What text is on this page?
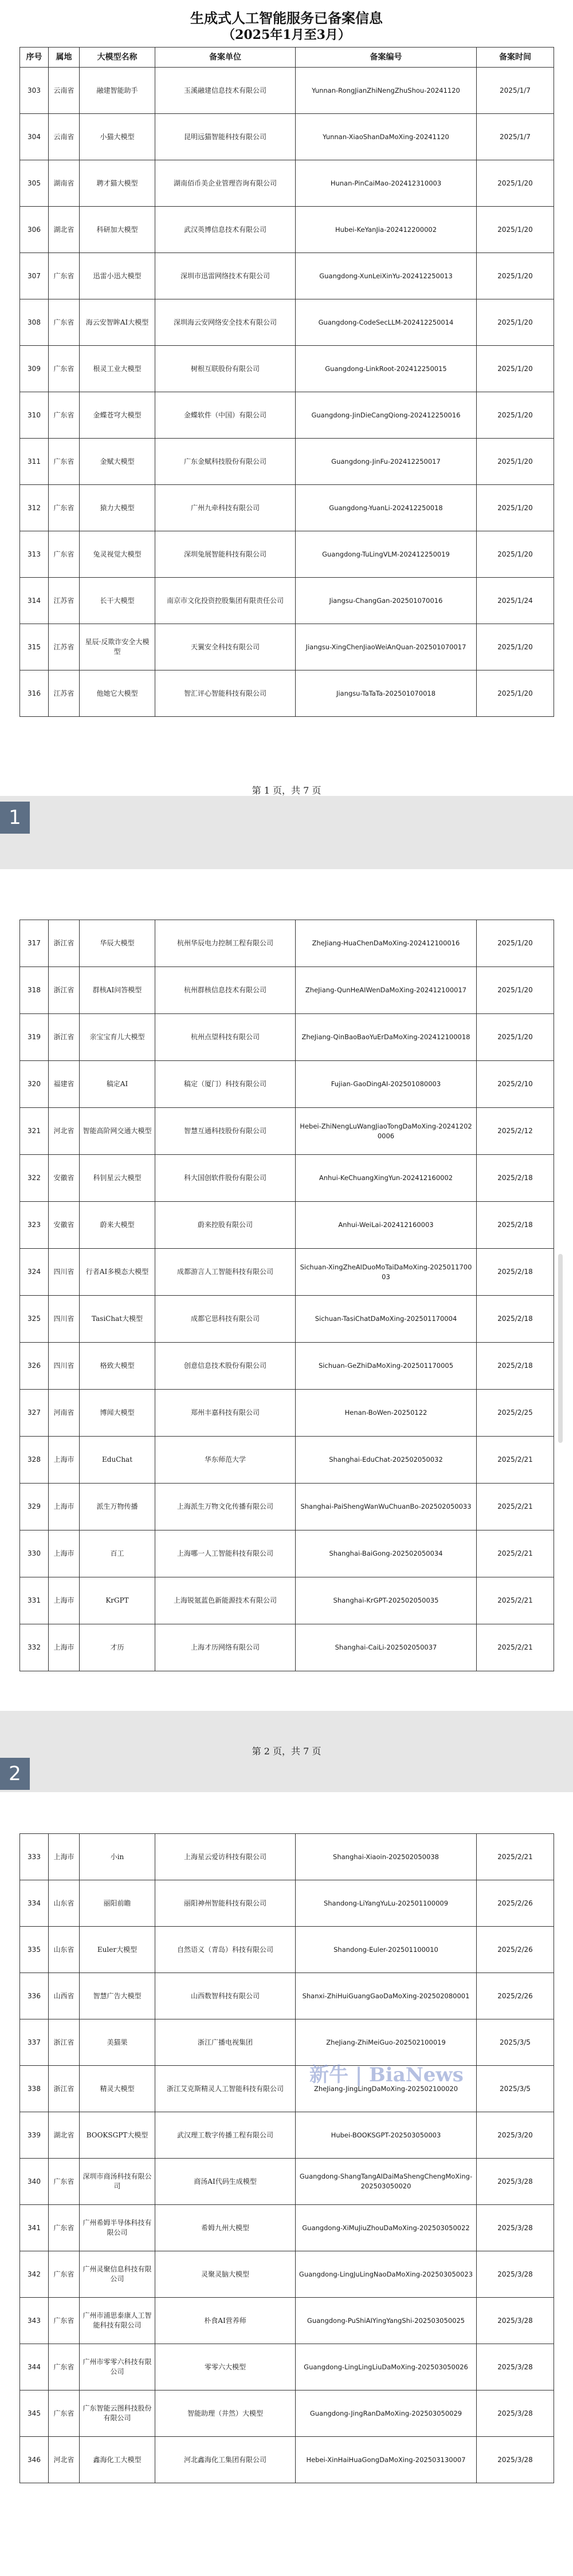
生成式人工智能服务已备案信息
（2025年1月至3月）
序号	属地	大模型名称	备案单位	备案编号	备案时间
303	云南省	融建智能助手	玉溪融建信息技术有限公司	Yunnan-RongJianZhiNengZhuShou-20241120	2025/1/7
304	云南省	小猫大模型	昆明远猫智能科技有限公司	Yunnan-XiaoShanDaMoXing-20241120	2025/1/7
305	湖南省	聘才猫大模型	湖南佰币美企业管理咨询有限公司	Hunan-PinCaiMao-202412310003	2025/1/20
306	湖北省	科研加大模型	武汉英博信息技术有限公司	Hubei-KeYanJia-202412200002	2025/1/20
307	广东省	迅雷小迅大模型	深圳市迅雷网络技术有限公司	Guangdong-XunLeiXinYu-202412250013	2025/1/20
308	广东省	海云安智眸AI大模型	深圳海云安网络安全技术有限公司	Guangdong-CodeSecLLM-202412250014	2025/1/20
309	广东省	根灵工业大模型	树根互联股份有限公司	Guangdong-LinkRoot-202412250015	2025/1/20
310	广东省	金蝶苍穹大模型	金蝶软件（中国）有限公司	Guangdong-JinDieCangQiong-202412250016	2025/1/20
311	广东省	金赋大模型	广东金赋科技股份有限公司	Guangdong-JinFu-202412250017	2025/1/20
312	广东省	猿力大模型	广州九牵科技有限公司	Guangdong-YuanLi-202412250018	2025/1/20
313	广东省	兔灵视觉大模型	深圳兔展智能科技有限公司	Guangdong-TuLingVLM-202412250019	2025/1/20
314	江苏省	长干大模型	南京市文化投资控股集团有限责任公司	Jiangsu-ChangGan-202501070016	2025/1/24
315	江苏省	星辰·反欺诈安全大模型	天翼安全科技有限公司	Jiangsu-XingChenJiaoWeiAnQuan-202501070017	2025/1/20
316	江苏省	他她它大模型	智汇评心智能科技有限公司	Jiangsu-TaTaTa-202501070018	2025/1/20
第 1 页，共 7 页
1
317	浙江省	华辰大模型	杭州华辰电力控制工程有限公司	ZheJiang-HuaChenDaMoXing-202412100016	2025/1/20
318	浙江省	群核AI问答模型	杭州群核信息技术有限公司	ZheJiang-QunHeAIWenDaMoXing-202412100017	2025/1/20
319	浙江省	亲宝宝育儿大模型	杭州点望科技有限公司	ZheJiang-QinBaoBaoYuErDaMoXing-202412100018	2025/1/20
320	福建省	稿定AI	稿定（厦门）科技有限公司	Fujian-GaoDingAI-202501080003	2025/2/10
321	河北省	智能高阶网交通大模型	智慧互通科技股份有限公司	Hebei-ZhiNengLuWangJiaoTongDaMoXing-202412020006	2025/2/12
322	安徽省	科钊星云大模型	科大国创软件股份有限公司	Anhui-KeChuangXingYun-202412160002	2025/2/18
323	安徽省	蔚来大模型	蔚来控股有限公司	Anhui-WeiLai-202412160003	2025/2/18
324	四川省	行者AI多模态大模型	成都游言人工智能科技有限公司	Sichuan-XingZheAIDuoMoTaiDaMoXing-202501170003	2025/2/18
325	四川省	TasiChat大模型	成都它思科技有限公司	Sichuan-TasiChatDaMoXing-202501170004	2025/2/18
326	四川省	格致大模型	创意信息技术股份有限公司	Sichuan-GeZhiDaMoXing-202501170005	2025/2/18
327	河南省	博闻大模型	郑州丰嘉科技有限公司	Henan-BoWen-20250122	2025/2/25
328	上海市	EduChat	华东师范大学	Shanghai-EduChat-202502050032	2025/2/21
329	上海市	派生万物传播	上海派生万物文化传播有限公司	Shanghai-PaiShengWanWuChuanBo-202502050033	2025/2/21
330	上海市	百工	上海哪一人工智能科技有限公司	Shanghai-BaiGong-202502050034	2025/2/21
331	上海市	KrGPT	上海锐氪蓝色新能源技术有限公司	Shanghai-KrGPT-202502050035	2025/2/21
332	上海市	才历	上海才历网络有限公司	Shanghai-CaiLi-202502050037	2025/2/21
第 2 页，共 7 页
2
333	上海市	小in	上海星云爱访科技有限公司	Shanghai-Xiaoin-202502050038	2025/2/21
334	山东省	丽阳前瞻	丽阳神州智能科技有限公司	Shandong-LiYangYuLu-202501100009	2025/2/26
335	山东省	Euler大模型	自然语义（青岛）科技有限公司	Shandong-Euler-202501100010	2025/2/26
336	山西省	智慧广告大模型	山西数智科技有限公司	Shanxi-ZhiHuiGuangGaoDaMoXing-202502080001	2025/2/26
337	浙江省	美猫果	浙江广播电视集团	ZheJiang-ZhiMeiGuo-202502100019	2025/3/5
338	浙江省	精灵大模型	浙江艾克斯精灵人工智能科技有限公司	ZheJiang-JingLingDaMoXing-202502100020	2025/3/5
339	湖北省	BOOKSGPT大模型	武汉理工数字传播工程有限公司	Hubei-BOOKSGPT-202503050003	2025/3/20
340	广东省	深圳市商汤科技有限公司	商汤AI代码生成模型	Guangdong-ShangTangAIDaiMaShengChengMoXing-202503050020	2025/3/28
341	广东省	广州希姆半导体科技有限公司	希姆九州大模型	Guangdong-XiMuJiuZhouDaMoXing-202503050022	2025/3/28
342	广东省	广州灵聚信息科技有限公司	灵聚灵脑大模型	Guangdong-LingJuLingNaoDaMoXing-202503050023	2025/3/28
343	广东省	广州市浦思泰康人工智能科技有限公司	朴食AI营养师	Guangdong-PuShiAIYingYangShi-202503050025	2025/3/28
344	广东省	广州市零零六科技有限公司	零零六大模型	Guangdong-LingLingLiuDaMoXing-202503050026	2025/3/28
345	广东省	广东智能云图科技股份有限公司	智能助理（井然）大模型	Guangdong-JingRanDaMoXing-202503050029	2025/3/28
346	河北省	鑫海化工大模型	河北鑫海化工集团有限公司	Hebei-XinHaiHuaGongDaMoXing-202503130007	2025/3/28
新牛 | BiaNews
